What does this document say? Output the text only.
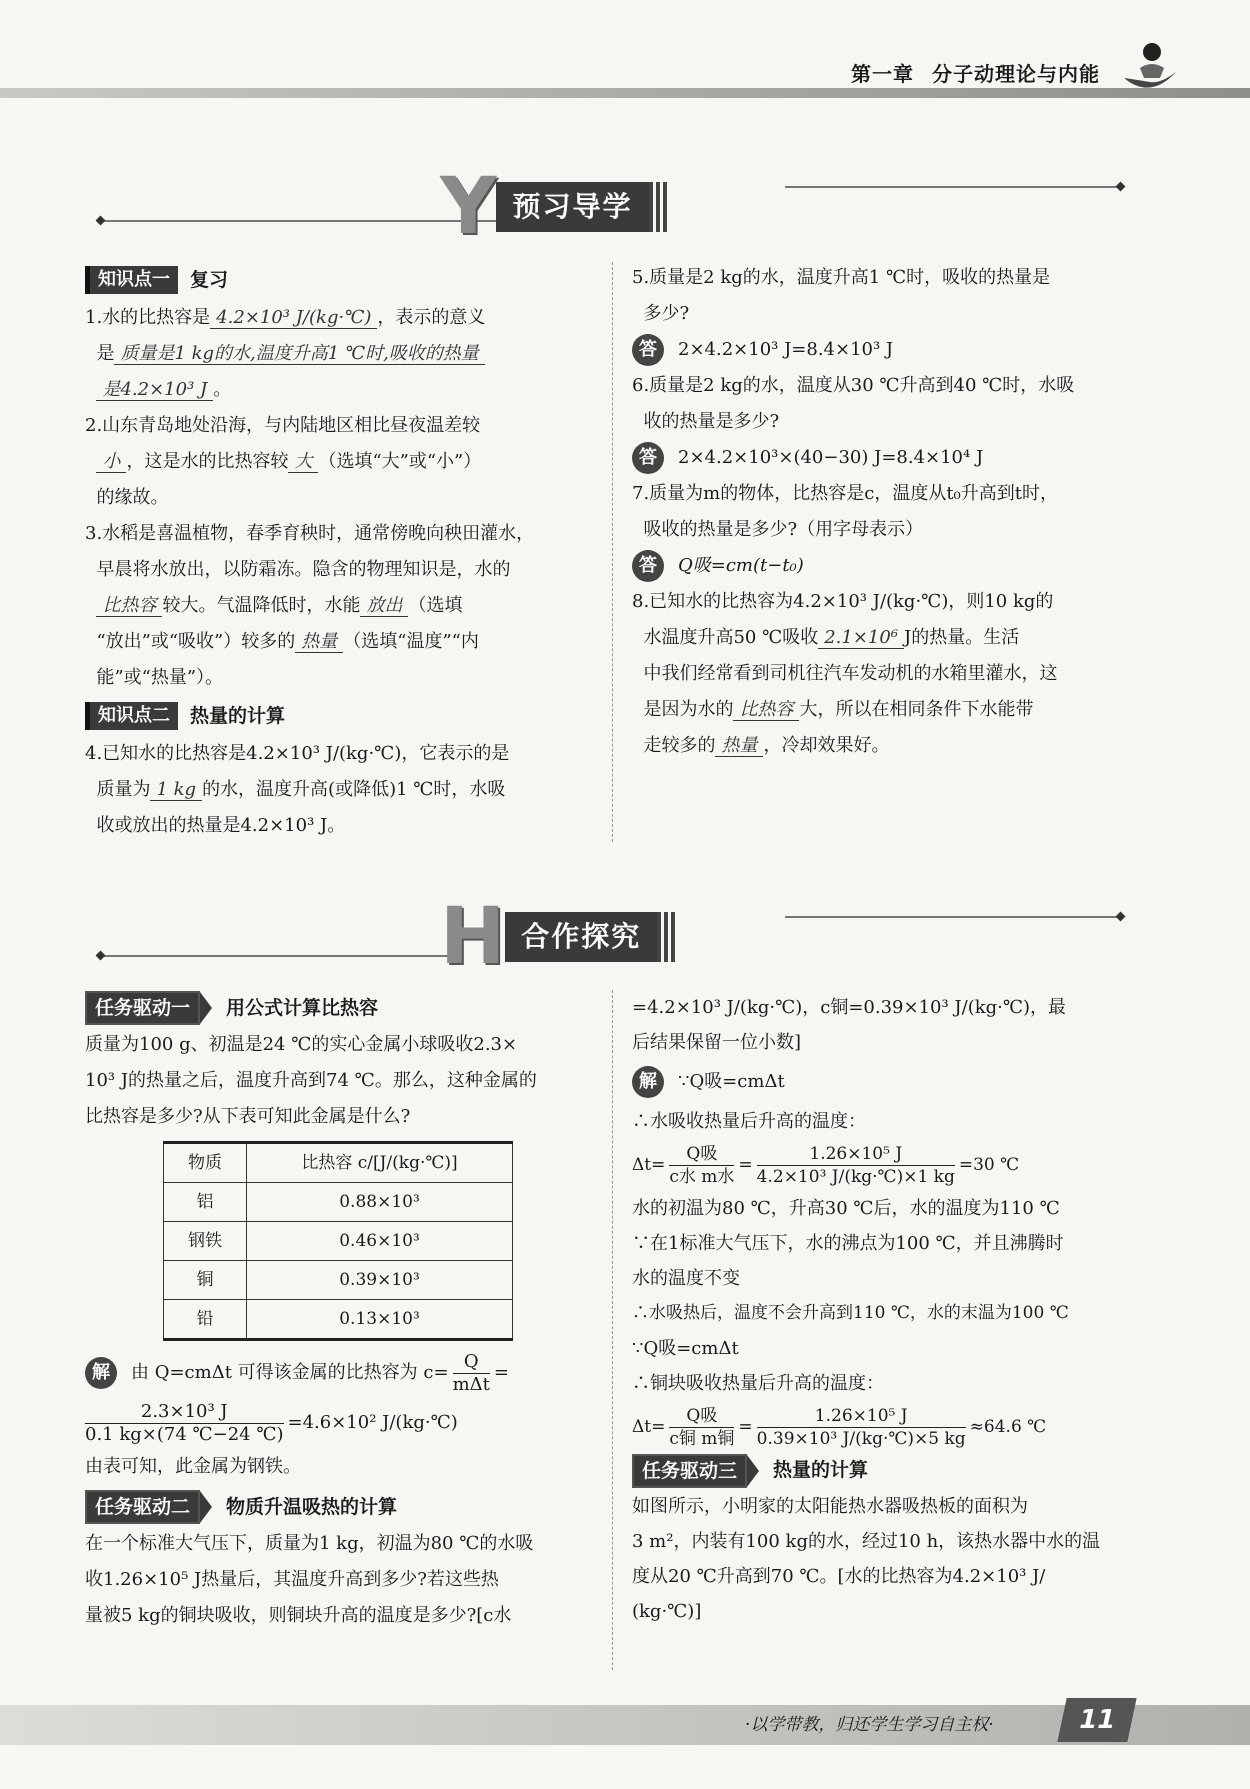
第一章 分子动理论与内能
Y 预习导学
知识点一	复习

1.水的比热容是 4.2×10³ J/(kg·℃) ，表示的意义

是 质量是1 kg的水,温度升高1 ℃时,吸收的热量

是4.2×10³ J 。

2.山东青岛地处沿海，与内陆地区相比昼夜温差较

小 ，这是水的比热容较 大 （选填“大”或“小”）

的缘故。

3.水稻是喜温植物，春季育秧时，通常傍晚向秧田灌水，

早晨将水放出，以防霜冻。隐含的物理知识是，水的

比热容 较大。气温降低时，水能 放出 （选填

“放出”或“吸收”）较多的 热量 （选填“温度”“内

能”或“热量”）。

知识点二	热量的计算

4.已知水的比热容是4.2×10³ J/(kg·℃)，它表示的是

质量为 1 kg 的水，温度升高(或降低)1 ℃时，水吸

收或放出的热量是4.2×10³ J。

5.质量是2 kg的水，温度升高1 ℃时，吸收的热量是

多少?

答 2×4.2×10³ J=8.4×10³ J

6.质量是2 kg的水，温度从30 ℃升高到40 ℃时，水吸

收的热量是多少?

答 2×4.2×10³×(40−30) J=8.4×10⁴ J

7.质量为m的物体，比热容是c，温度从t₀升高到t时，

吸收的热量是多少?（用字母表示）

答 Q吸=cm(t−t₀)

8.已知水的比热容为4.2×10³ J/(kg·℃)，则10 kg的

水温度升高50 ℃吸收 2.1×10⁶ J的热量。生活

中我们经常看到司机往汽车发动机的水箱里灌水，这

是因为水的 比热容 大，所以在相同条件下水能带

走较多的 热量 ，冷却效果好。

H 合作探究
任务驱动一	用公式计算比热容

质量为100 g、初温是24 ℃的实心金属小球吸收2.3×

10³ J的热量之后，温度升高到74 ℃。那么，这种金属的

比热容是多少?从下表可知此金属是什么?

物质	比热容 c/[J/(kg·℃)]
铝	0.88×10³
钢铁	0.46×10³
铜	0.39×10³
铅	0.13×10³

解 由 Q=cmΔt 可得该金属的比热容为 $c= \frac{Q}{\text{mΔt}}$ =

$\frac{\text{2.3×10³ J}}{0.1 kg\times(74 ℃-24 ℃)} =4.6\times 10^2$ J/(kg·℃)

由表可知，此金属为钢铁。

任务驱动二	物质升温吸热的计算

在一个标准大气压下，质量为1 kg，初温为80 ℃的水吸

收1.26×10⁵ J热量后，其温度升高到多少?若这些热

量被5 kg的铜块吸收，则铜块升高的温度是多少?[c水

=4.2×10³ J/(kg·℃)，c铜=0.39×10³ J/(kg·℃)，最

后结果保留一位小数]

解 ∵Q吸=cmΔt

∴水吸收热量后升高的温度：

$\Delta t= \frac{\text{Q吸}}{\text{c水 m水}} = \frac{\text{1.26×10⁵ J}}{\text{4.2×10³ J/(kg·℃)×1 kg}} =30$ ℃

水的初温为80 ℃，升高30 ℃后，水的温度为110 ℃

∵在1标准大气压下，水的沸点为100 ℃，并且沸腾时

水的温度不变

∴水吸热后，温度不会升高到110 ℃，水的末温为100 ℃

∵Q吸=cmΔt

∴铜块吸收热量后升高的温度：

$\Delta t= \frac{\text{Q吸}}{\text{c铜 m铜}} = \frac{\text{1.26×10⁵ J}}{\text{0.39×10³ J/(kg·℃)×5 kg}} \approx 64.6$ ℃

任务驱动三	热量的计算

如图所示，小明家的太阳能热水器吸热板的面积为

3 m²，内装有100 kg的水，经过10 h，该热水器中水的温

度从20 ℃升高到70 ℃。[水的比热容为4.2×10³ J/

(kg·℃)]

·以学带教，归还学生学习自主权·	11
